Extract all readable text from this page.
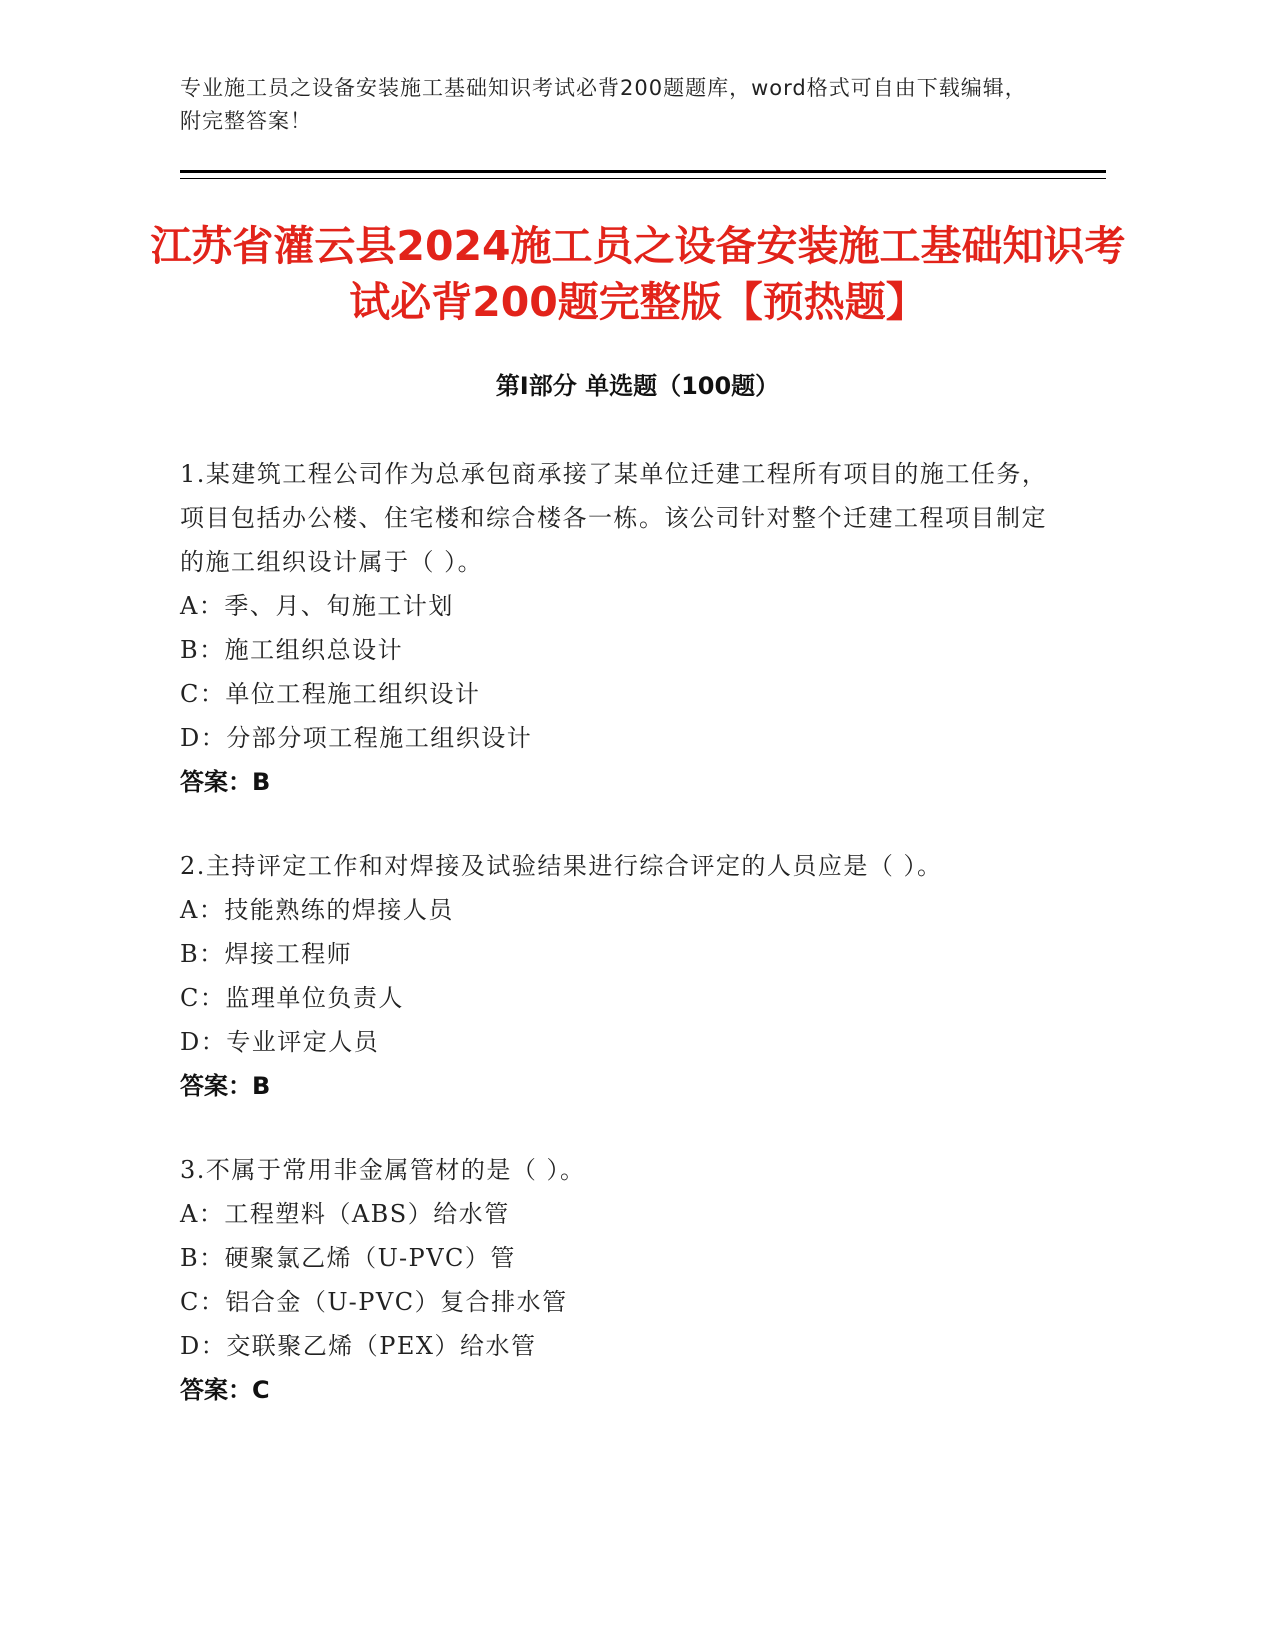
专业施工员之设备安装施工基础知识考试必背200题题库，word格式可自由下载编辑，附完整答案！
江苏省灌云县2024施工员之设备安装施工基础知识考试必背200题完整版【预热题】
第Ⅰ部分 单选题（100题）
1.某建筑工程公司作为总承包商承接了某单位迁建工程所有项目的施工任务，项目包括办公楼、住宅楼和综合楼各一栋。该公司针对整个迁建工程项目制定的施工组织设计属于（ ）。
A：季、月、旬施工计划
B：施工组织总设计
C：单位工程施工组织设计
D：分部分项工程施工组织设计
答案：B
2.主持评定工作和对焊接及试验结果进行综合评定的人员应是（ ）。
A：技能熟练的焊接人员
B：焊接工程师
C：监理单位负责人
D：专业评定人员
答案：B
3.不属于常用非金属管材的是（ ）。
A：工程塑料（ABS）给水管
B：硬聚氯乙烯（U-PVC）管
C：铝合金（U-PVC）复合排水管
D：交联聚乙烯（PEX）给水管
答案：C
